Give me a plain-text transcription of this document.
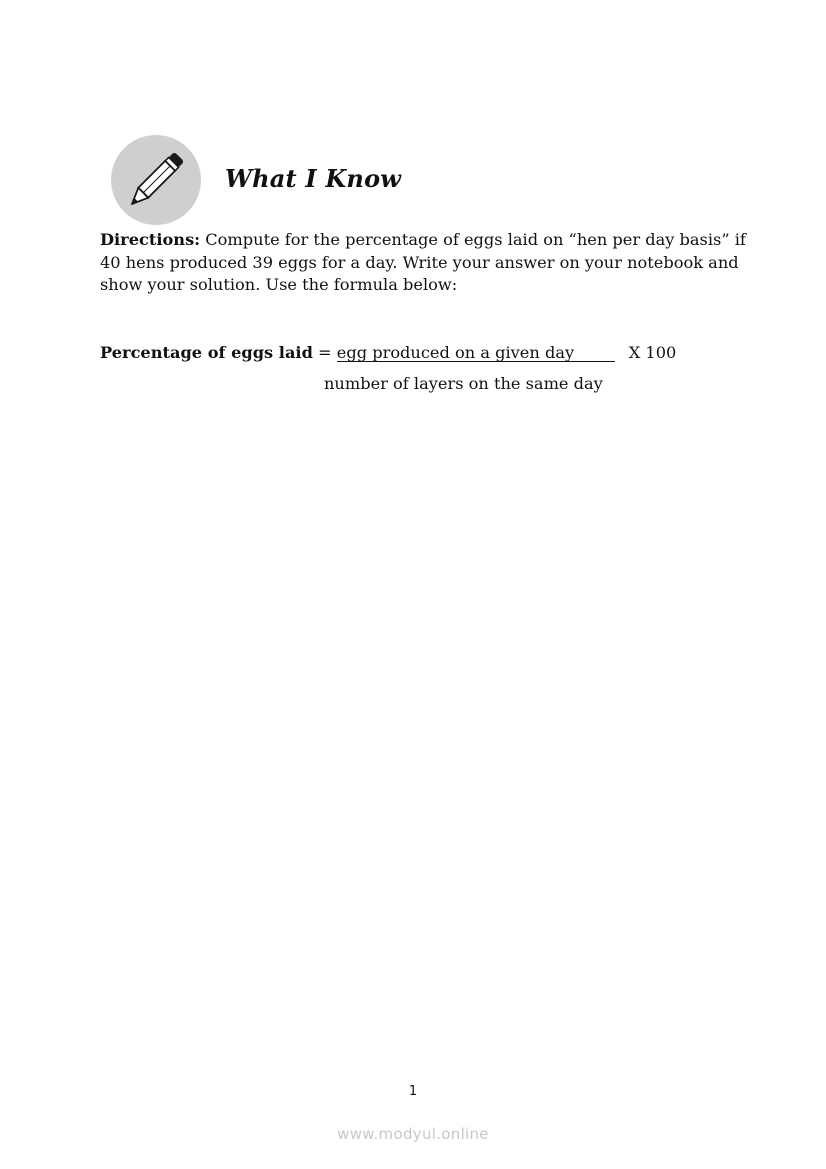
What I Know
Directions: Compute for the percentage of eggs laid on “hen per day basis” if
40 hens produced 39 eggs for a day. Write your answer on your notebook and
show your solution. Use the formula below:
Percentage of eggs laid = egg produced on a given day	X 100
number of layers on the same day
1
www.modyul.online
